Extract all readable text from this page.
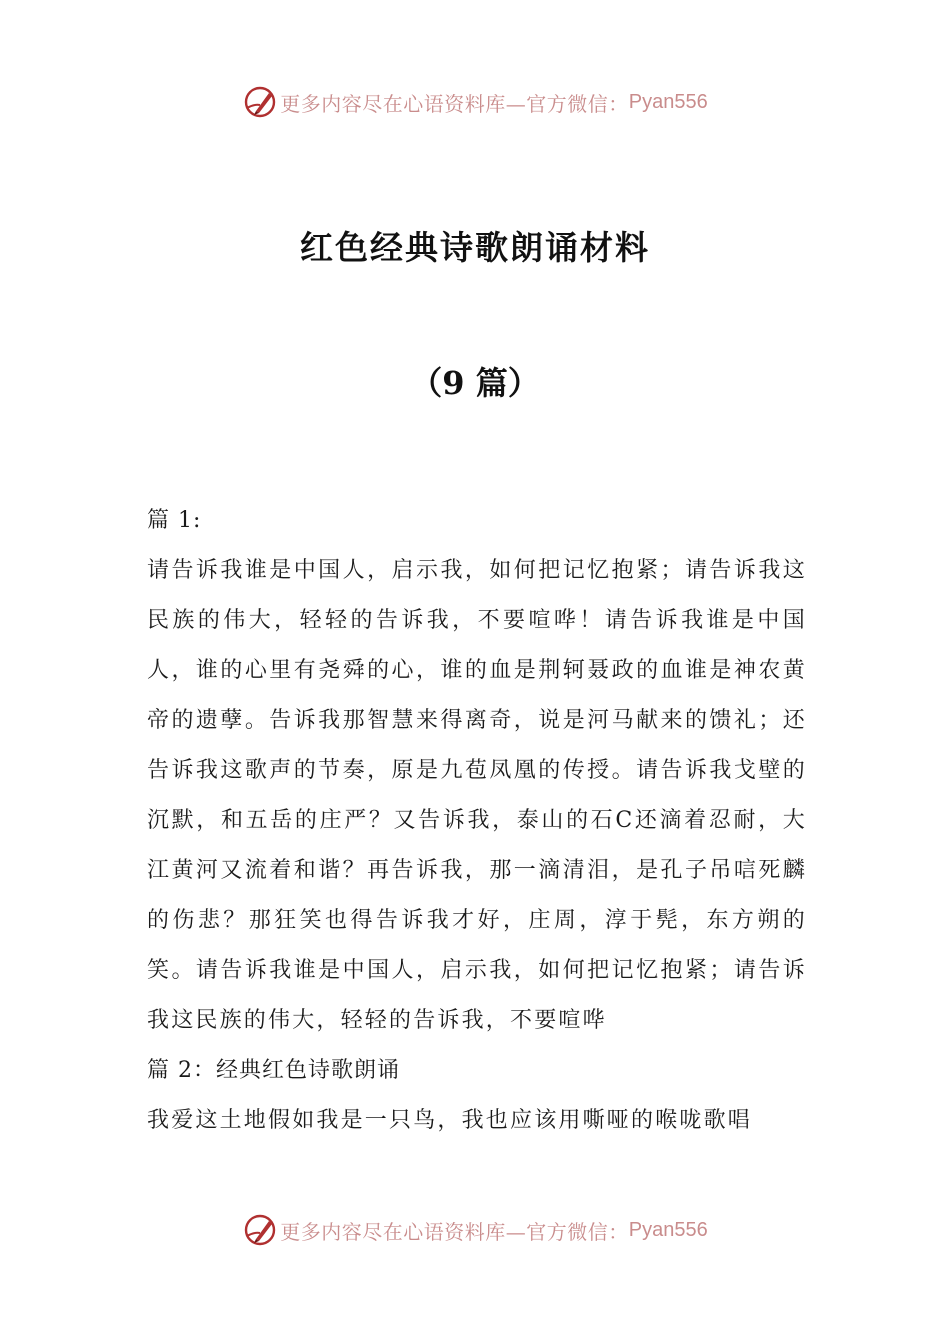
更多内容尽在心语资料库—官方微信： Pyan556
红色经典诗歌朗诵材料
（9 篇）

篇 1:

请告诉我谁是中国人，启示我，如何把记忆抱紧；请告诉我这民族的伟大，轻轻的告诉我，不要喧哗！请告诉我谁是中国人，谁的心里有尧舜的心，谁的血是荆轲聂政的血谁是神农黄帝的遗孽。告诉我那智慧来得离奇，说是河马献来的馈礼；还告诉我这歌声的节奏，原是九苞凤凰的传授。请告诉我戈壁的沉默，和五岳的庄严？又告诉我，泰山的石C还滴着忍耐，大江黄河又流着和谐？再告诉我，那一滴清泪，是孔子吊唁死麟的伤悲？那狂笑也得告诉我才好，庄周，淳于髡，东方朔的笑。请告诉我谁是中国人，启示我，如何把记忆抱紧；请告诉我这民族的伟大，轻轻的告诉我，不要喧哗

篇 2：经典红色诗歌朗诵

我爱这土地假如我是一只鸟，我也应该用嘶哑的喉咙歌唱

更多内容尽在心语资料库—官方微信： Pyan556
